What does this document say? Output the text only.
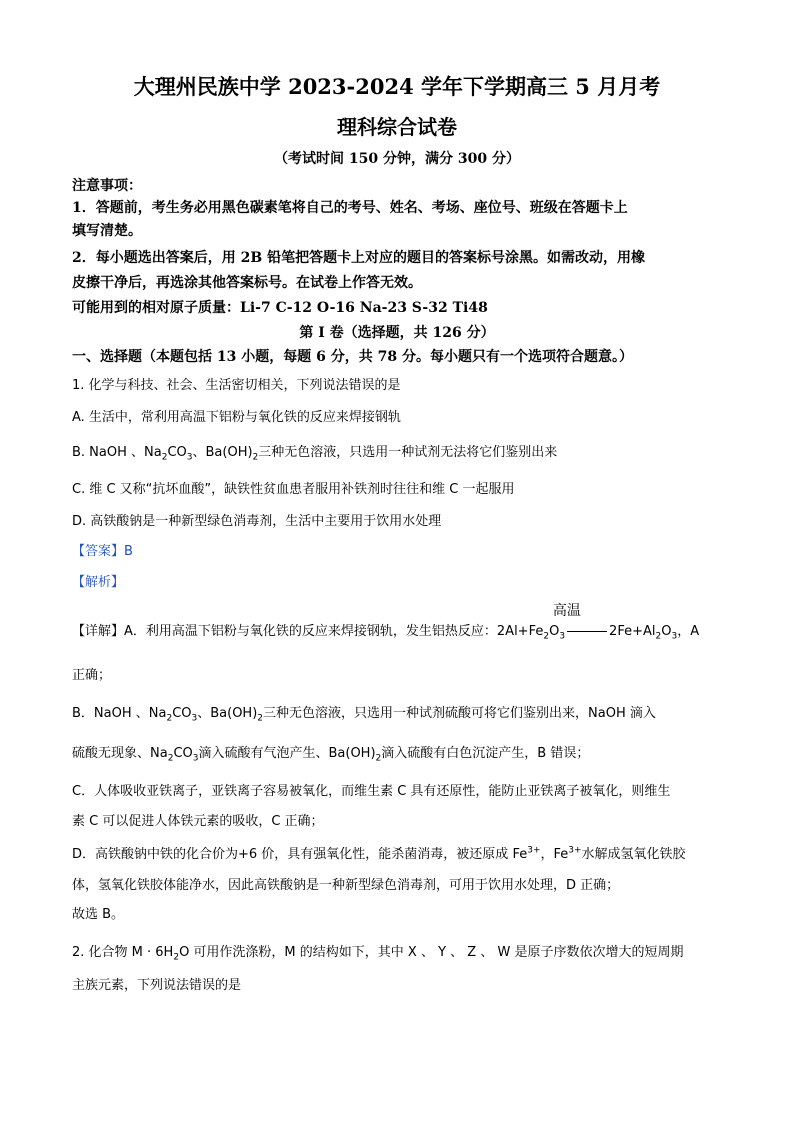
大理州民族中学 2023-2024 学年下学期高三 5 月月考
理科综合试卷
（考试时间 150 分钟，满分 300 分）
注意事项：
1．答题前，考生务必用黑色碳素笔将自己的考号、姓名、考场、座位号、班级在答题卡上
填写清楚。
2．每小题选出答案后，用 2B 铅笔把答题卡上对应的题目的答案标号涂黑。如需改动，用橡
皮擦干净后，再选涂其他答案标号。在试卷上作答无效。
可能用到的相对原子质量：Li-7 C-12 O-16 Na-23 S-32 Ti48
第 I 卷（选择题，共 126 分）
一、选择题（本题包括 13 小题，每题 6 分，共 78 分。每小题只有一个选项符合题意。）
1. 化学与科技、社会、生活密切相关，下列说法错误的是
A. 生活中，常利用高温下铝粉与氧化铁的反应来焊接钢轨
B. NaOH 、$Na_2CO_3$、$Ba(OH)_2$三种无色溶液，只选用一种试剂无法将它们鉴别出来
C. 维 C 又称“抗坏血酸”，缺铁性贫血患者服用补铁剂时往往和维 C 一起服用
D. 高铁酸钠是一种新型绿色消毒剂，生活中主要用于饮用水处理
【答案】B
【解析】
【详解】A．利用高温下铝粉与氧化铁的反应来焊接钢轨，发生铝热反应：
高温
$2Al+Fe_2O_3$	$2Fe+Al_2O_3$，A
正确；
B．NaOH 、$Na_2CO_3$、$Ba(OH)_2$三种无色溶液，只选用一种试剂硫酸可将它们鉴别出来，NaOH 滴入
硫酸无现象、$Na_2CO_3$滴入硫酸有气泡产生、$Ba(OH)_2$滴入硫酸有白色沉淀产生，B 错误；
C．人体吸收亚铁离子，亚铁离子容易被氧化，而维生素 C 具有还原性，能防止亚铁离子被氧化，则维生
素 C 可以促进人体铁元素的吸收，C 正确；
D．高铁酸钠中铁的化合价为+6 价，具有强氧化性，能杀菌消毒，被还原成 $Fe^{3+}$，$Fe^{3+}$水解成氢氧化铁胶
体，氢氧化铁胶体能净水，因此高铁酸钠是一种新型绿色消毒剂，可用于饮用水处理，D 正确；
故选 B。
2. 化合物 $M \cdot 6H_2O$ 可用作洗涤粉，M 的结构如下，其中 X 、 Y 、 Z 、 W 是原子序数依次增大的短周期
主族元素，下列说法错误的是
